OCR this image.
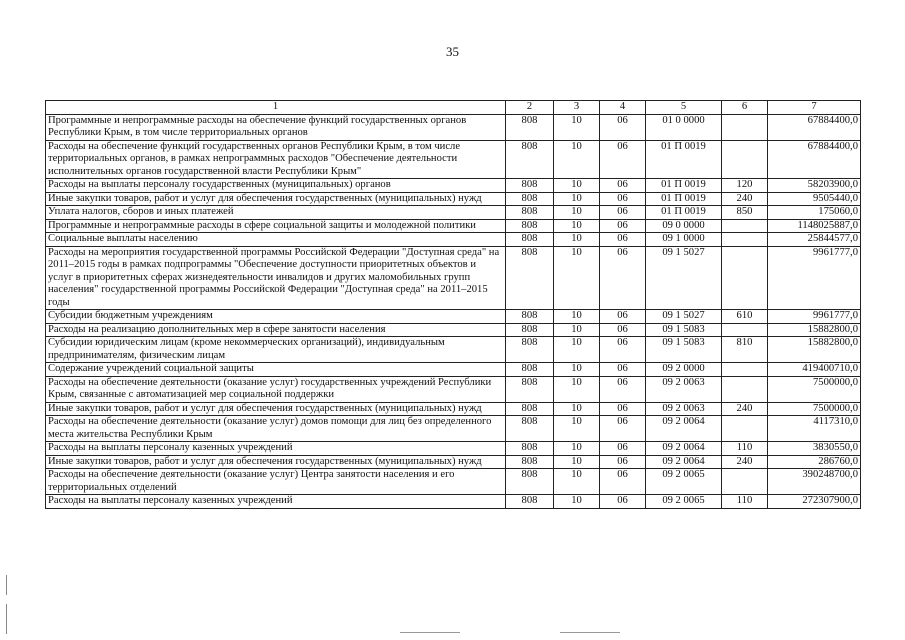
35
1	2	3	4	5	6	7
Программные и непрограммные расходы на обеспечение функций государственных органов Республики Крым, в том числе территориальных органов	808	10	06	01 0 0000		67884400,0
Расходы на обеспечение функций государственных органов Республики Крым, в том числе территориальных органов, в рамках непрограммных расходов "Обеспечение деятельности исполнительных органов государственной власти Республики Крым"	808	10	06	01 П 0019		67884400,0
Расходы на выплаты персоналу государственных (муниципальных) органов	808	10	06	01 П 0019	120	58203900,0
Иные закупки товаров, работ и услуг для обеспечения государственных (муниципальных) нужд	808	10	06	01 П 0019	240	9505440,0
Уплата налогов, сборов и иных платежей	808	10	06	01 П 0019	850	175060,0
Программные и непрограммные расходы в сфере социальной защиты и молодежной политики	808	10	06	09 0 0000		1148025887,0
Социальные выплаты населению	808	10	06	09 1 0000		25844577,0
Расходы на мероприятия государственной программы Российской Федерации "Доступная среда" на 2011–2015 годы в рамках подпрограммы "Обеспечение доступности приоритетных объектов и услуг в приоритетных сферах жизнедеятельности инвалидов и других маломобильных групп населения" государственной программы Российской Федерации "Доступная среда" на 2011–2015 годы	808	10	06	09 1 5027		9961777,0
Субсидии бюджетным учреждениям	808	10	06	09 1 5027	610	9961777,0
Расходы на реализацию дополнительных мер в сфере занятости населения	808	10	06	09 1 5083		15882800,0
Субсидии юридическим лицам (кроме некоммерческих организаций), индивидуальным предпринимателям, физическим лицам	808	10	06	09 1 5083	810	15882800,0
Содержание учреждений социальной защиты	808	10	06	09 2 0000		419400710,0
Расходы на обеспечение деятельности (оказание услуг) государственных учреждений Республики Крым, связанные с автоматизацией мер социальной поддержки	808	10	06	09 2 0063		7500000,0
Иные закупки товаров, работ и услуг для обеспечения государственных (муниципальных) нужд	808	10	06	09 2 0063	240	7500000,0
Расходы на обеспечение деятельности (оказание услуг) домов помощи для лиц без определенного места жительства Республики Крым	808	10	06	09 2 0064		4117310,0
Расходы на выплаты персоналу казенных учреждений	808	10	06	09 2 0064	110	3830550,0
Иные закупки товаров, работ и услуг для обеспечения государственных (муниципальных) нужд	808	10	06	09 2 0064	240	286760,0
Расходы на обеспечение деятельности (оказание услуг) Центра занятости населения и его территориальных отделений	808	10	06	09 2 0065		390248700,0
Расходы на выплаты персоналу казенных учреждений	808	10	06	09 2 0065	110	272307900,0
